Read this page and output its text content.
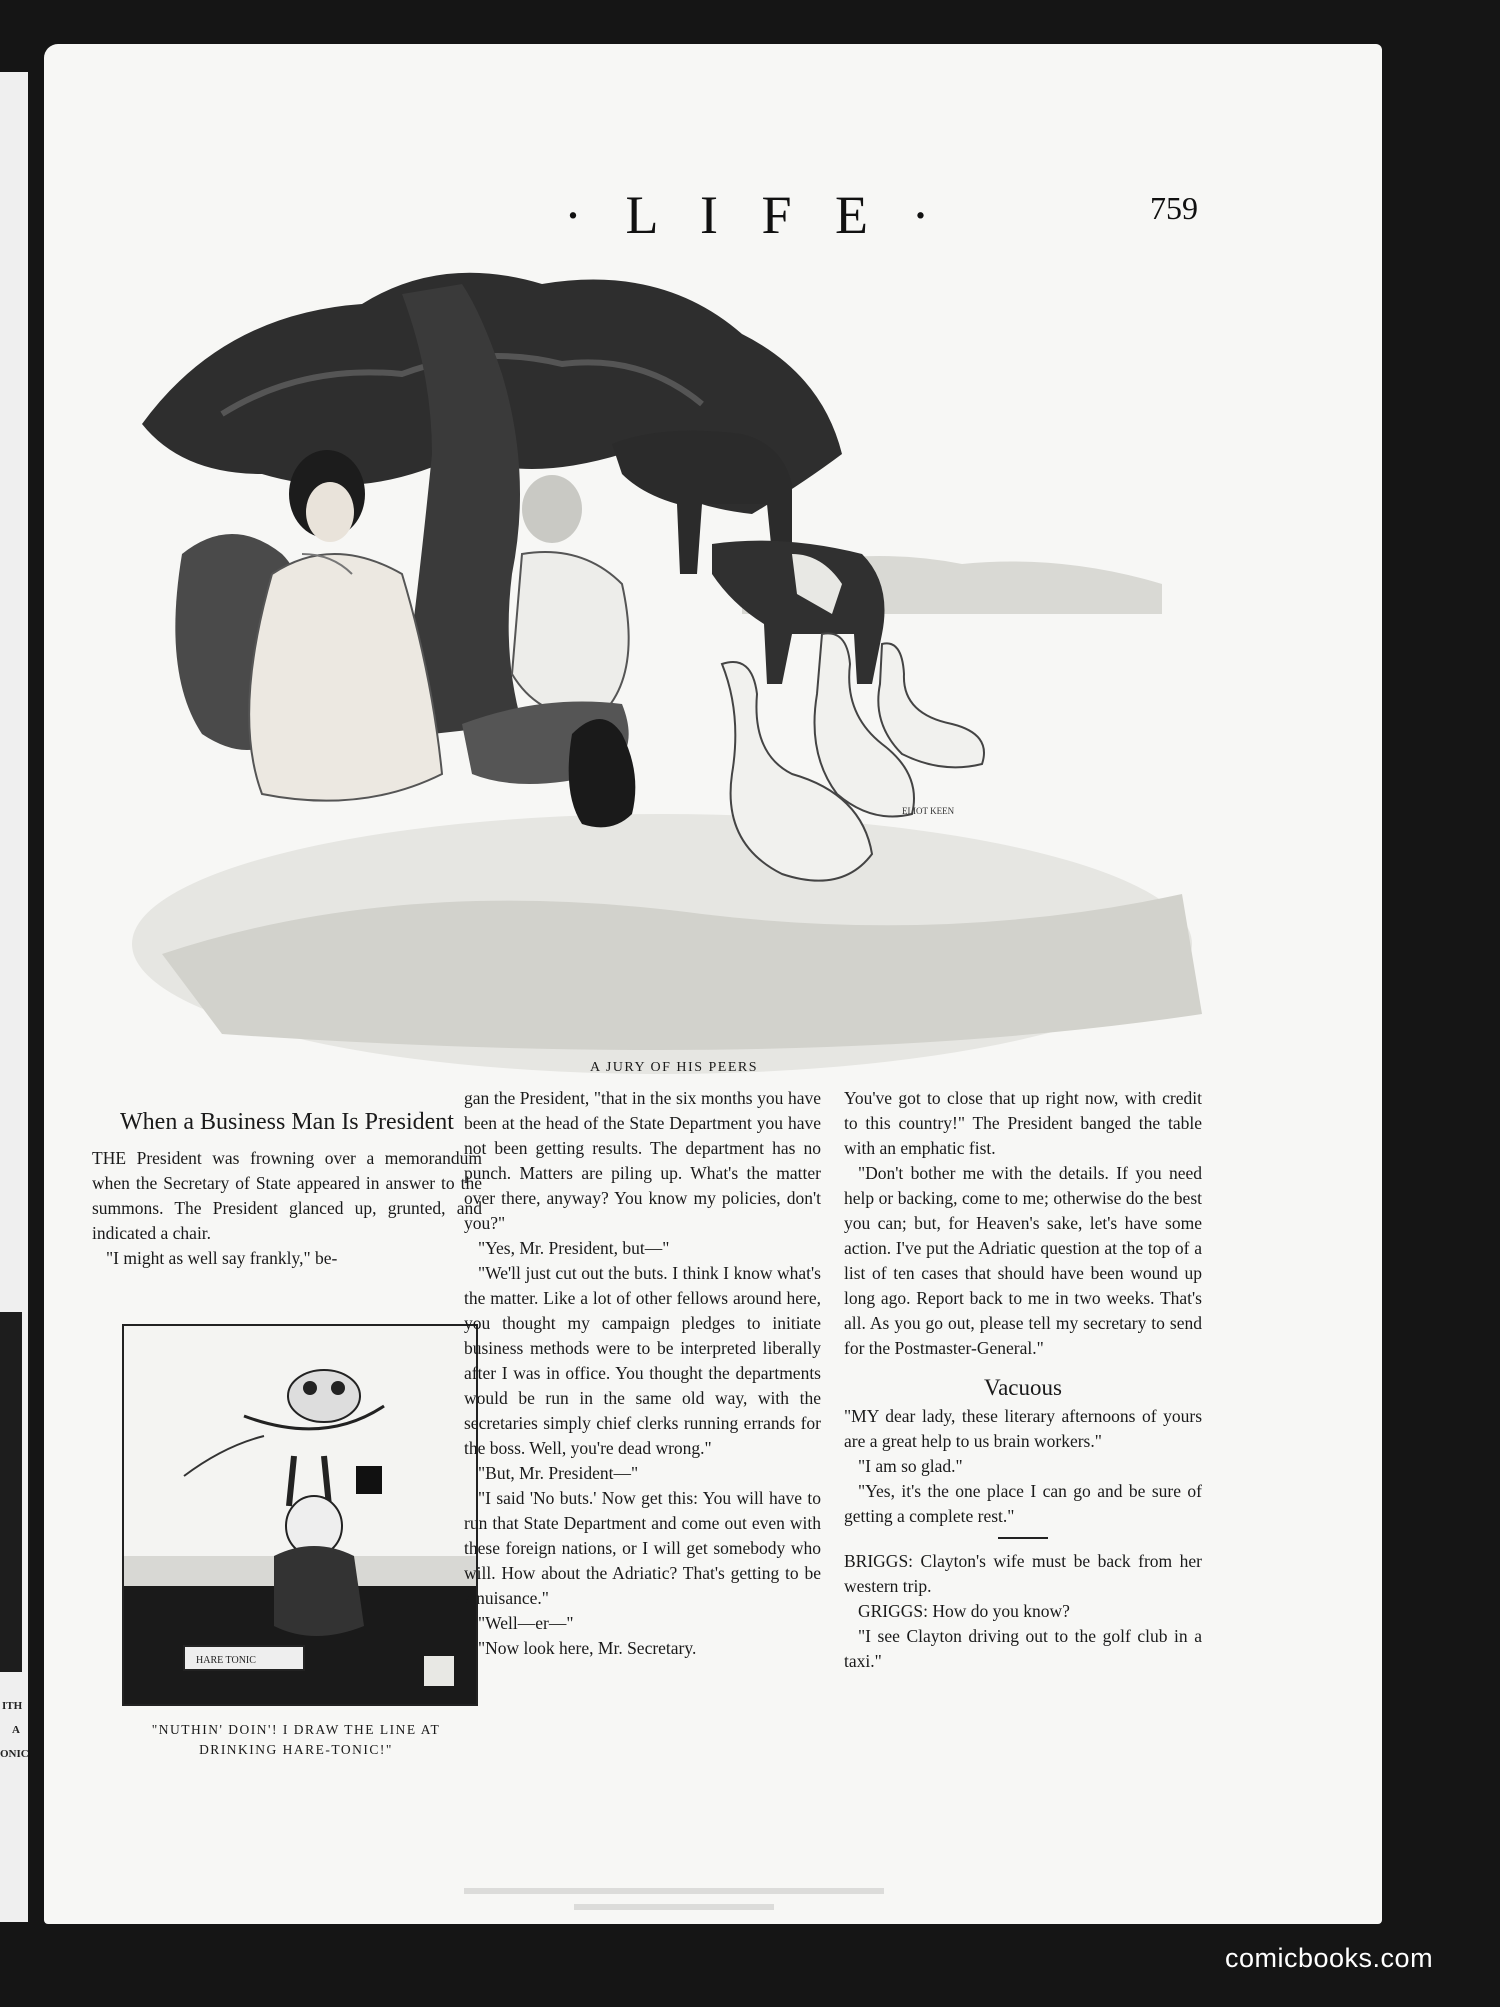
ITH
A
ONIC
· L I F E ·	759
ELIOT KEEN
A JURY OF HIS PEERS
When a Business Man Is President

THE President was frowning over a memorandum when the Secretary of State appeared in answer to the summons. The President glanced up, grunted, and indicated a chair.

"I might as well say frankly," be-

HARE TONIC
"NUTHIN' DOIN'! I DRAW THE LINE AT
DRINKING HARE-TONIC!"

gan the President, "that in the six months you have been at the head of the State Department you have not been getting results. The department has no punch. Matters are piling up. What's the matter over there, anyway? You know my policies, don't you?"

"Yes, Mr. President, but—"

"We'll just cut out the buts. I think I know what's the matter. Like a lot of other fellows around here, you thought my campaign pledges to initiate business methods were to be interpreted liberally after I was in office. You thought the departments would be run in the same old way, with the secretaries simply chief clerks running errands for the boss. Well, you're dead wrong."

"But, Mr. President—"

"I said 'No buts.' Now get this: You will have to run that State Department and come out even with these foreign nations, or I will get somebody who will. How about the Adriatic? That's getting to be a nuisance."

"Well—er—"

"Now look here, Mr. Secretary.

You've got to close that up right now, with credit to this country!" The President banged the table with an emphatic fist.

"Don't bother me with the details. If you need help or backing, come to me; otherwise do the best you can; but, for Heaven's sake, let's have some action. I've put the Adriatic question at the top of a list of ten cases that should have been wound up long ago. Report back to me in two weeks. That's all. As you go out, please tell my secretary to send for the Postmaster-General."

Vacuous

"MY dear lady, these literary afternoons of yours are a great help to us brain workers."

"I am so glad."

"Yes, it's the one place I can go and be sure of getting a complete rest."

BRIGGS: Clayton's wife must be back from her western trip.

GRIGGS: How do you know?

"I see Clayton driving out to the golf club in a taxi."

comicbooks.com
